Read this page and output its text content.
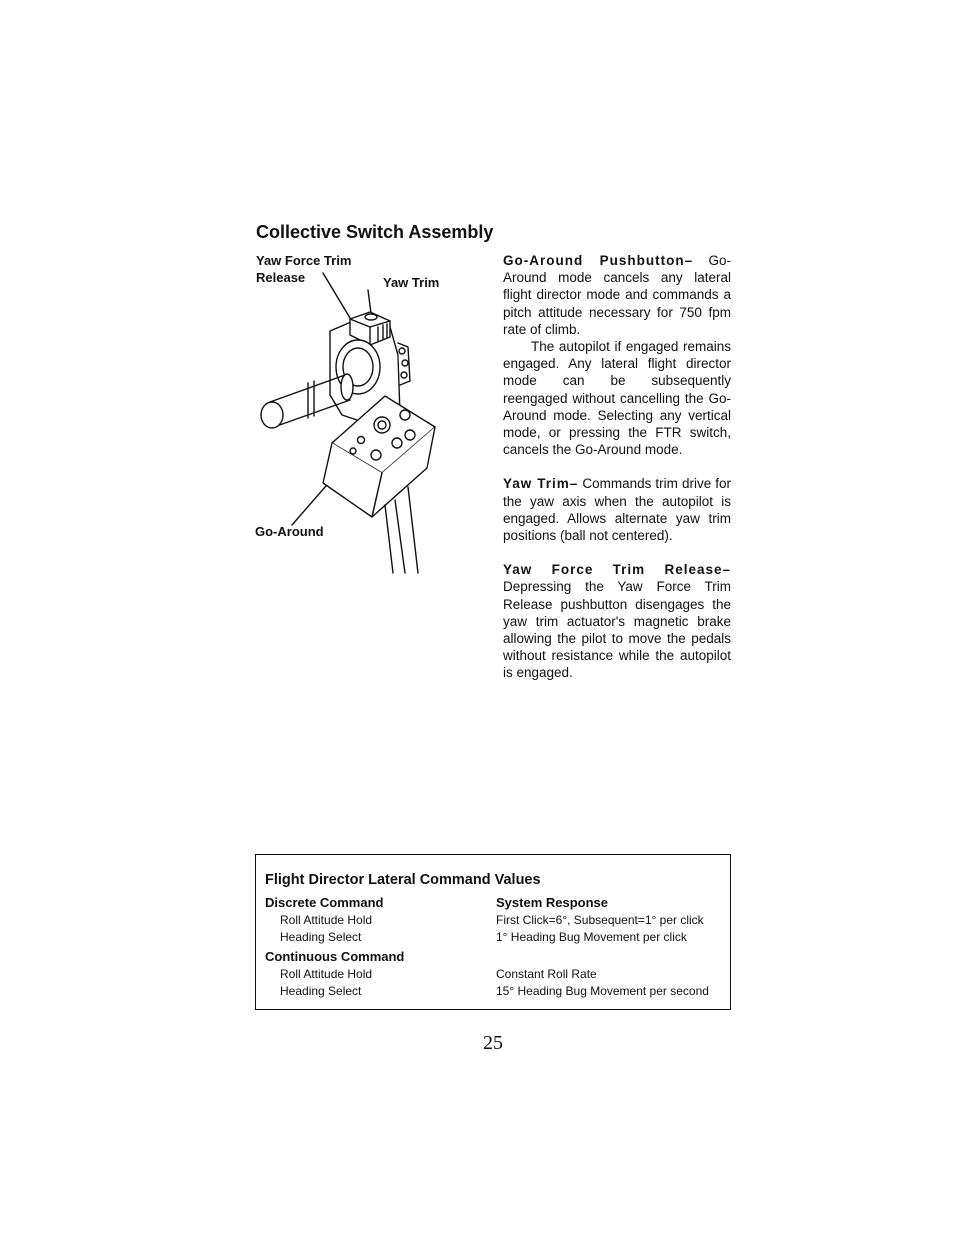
Collective Switch Assembly
Yaw Force Trim
Release	Yaw Trim
Go-Around

Go-Around Pushbutton– Go-Around mode cancels any lateral flight director mode and commands a pitch attitude necessary for 750 fpm rate of climb.

The autopilot if engaged remains engaged. Any lateral flight director mode can be subsequently reengaged without cancelling the Go-Around mode. Selecting any vertical mode, or pressing the FTR switch, cancels the Go-Around mode.

Yaw Trim– Commands trim drive for the yaw axis when the autopilot is engaged. Allows alternate yaw trim positions (ball not centered).

Yaw Force Trim Release– Depressing the Yaw Force Trim Release pushbutton disengages the yaw trim actuator's magnetic brake allowing the pilot to move the pedals without resistance while the autopilot is engaged.

Flight Director Lateral Command Values
Discrete Command	System Response
Roll Attitude Hold	First Click=6°, Subsequent=1° per click
Heading Select	1° Heading Bug Movement per click
Continuous Command
Roll Attitude Hold	Constant Roll Rate
Heading Select	15° Heading Bug Movement per second
25
